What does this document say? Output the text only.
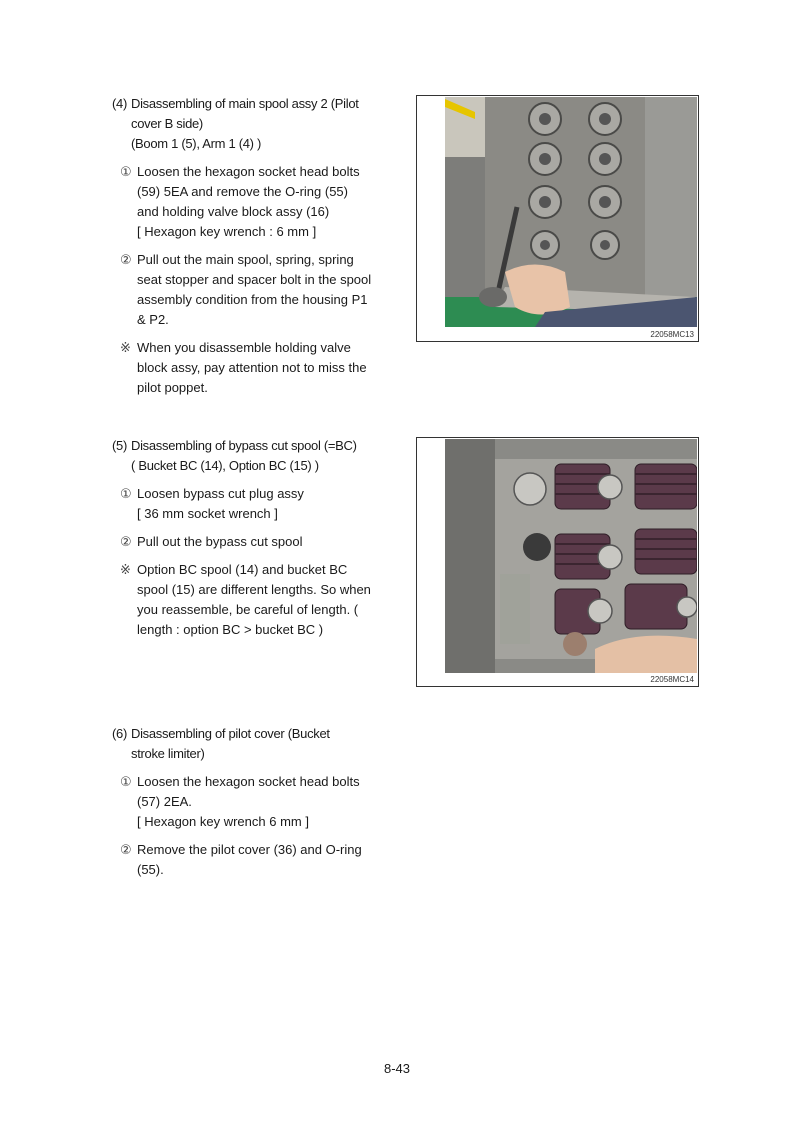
(4) Disassembling of main spool assy 2 (Pilot
cover B side)
(Boom 1 (5), Arm 1 (4) )
① Loosen the hexagon socket head bolts
(59) 5EA and remove the O-ring (55)
and holding valve block assy (16)
[ Hexagon key wrench : 6 mm ]
② Pull out the main spool, spring, spring
seat stopper and spacer bolt in the spool
assembly condition from the housing P1
& P2.
※ When you disassemble holding valve
block assy, pay attention not to miss the
pilot poppet.
22058MC13
(5) Disassembling of bypass cut spool (=BC)
( Bucket BC (14), Option BC (15) )
① Loosen bypass cut plug assy
[ 36 mm socket wrench ]
② Pull out the bypass cut spool
※ Option BC spool (14) and bucket BC
spool (15) are different lengths. So when
you reassemble, be careful of length. (
length : option BC > bucket BC )
22058MC14
(6) Disassembling of pilot cover (Bucket
stroke limiter)
① Loosen the hexagon socket head bolts
(57) 2EA.
[ Hexagon key wrench 6 mm ]
② Remove the pilot cover (36) and O-ring
(55).
8-43
